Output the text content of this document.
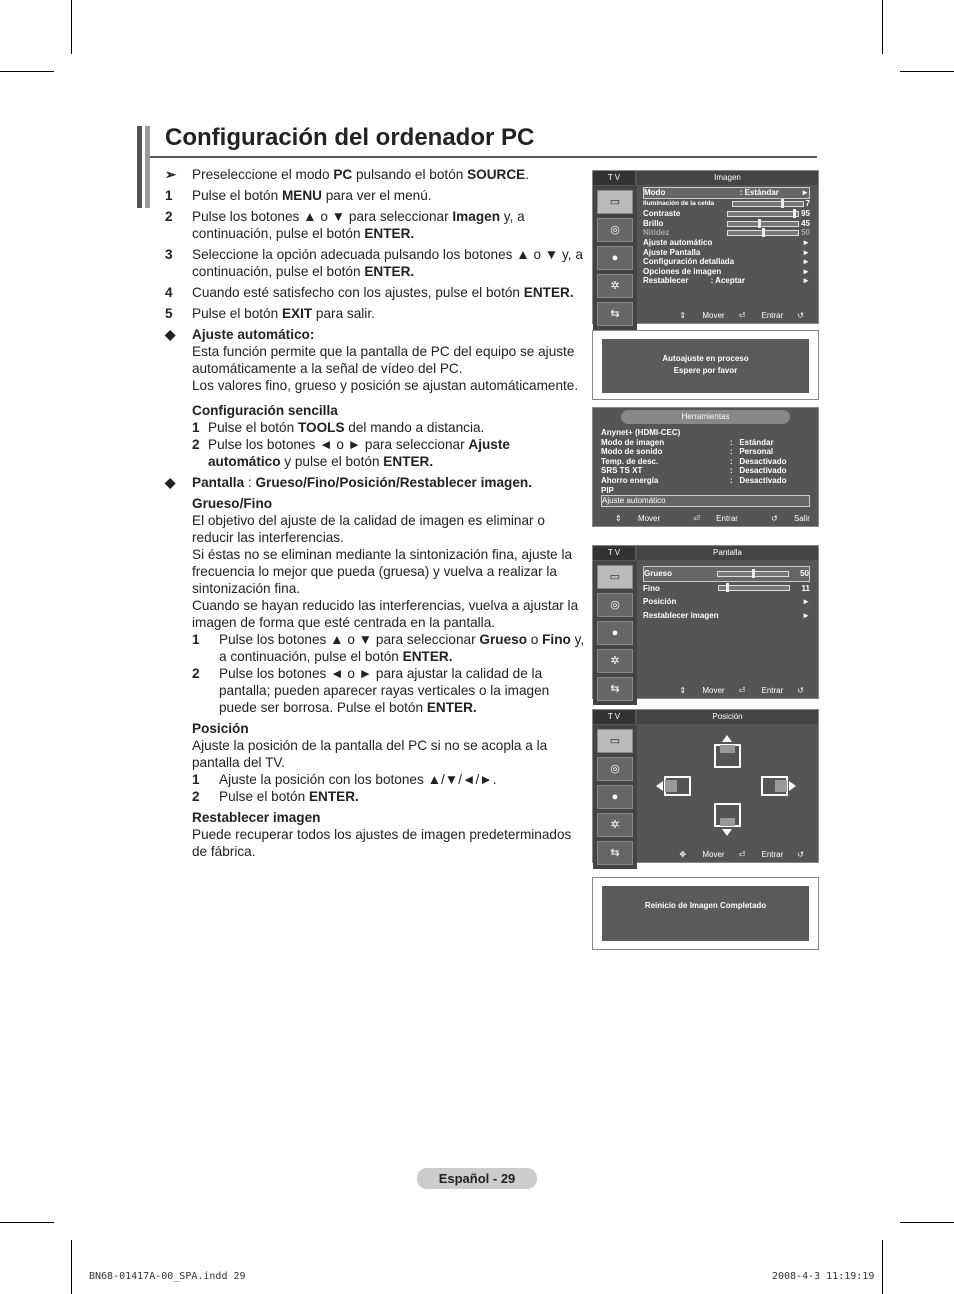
Configuración del ordenador PC
➢	Preseleccione el modo PC pulsando el botón SOURCE.
1	Pulse el botón MENU para ver el menú.
2	Pulse los botones ▲ o ▼ para seleccionar Imagen y, a continuación, pulse el botón ENTER.
3	Seleccione la opción adecuada pulsando los botones ▲ o ▼ y, a continuación, pulse el botón ENTER.
4	Cuando esté satisfecho con los ajustes, pulse el botón ENTER.
5	Pulse el botón EXIT para salir.
◆	Ajuste automático:
Esta función permite que la pantalla de PC del equipo se ajuste automáticamente a la señal de vídeo del PC.
Los valores fino, grueso y posición se ajustan automáticamente.
Configuración sencilla
1 Pulse el botón TOOLS del mando a distancia.
2 Pulse los botones ◄ o ► para seleccionar Ajuste automático y pulse el botón ENTER.
◆	Pantalla : Grueso/Fino/Posición/Restablecer imagen.
Grueso/Fino
El objetivo del ajuste de la calidad de imagen es eliminar o reducir las interferencias.
Si éstas no se eliminan mediante la sintonización fina, ajuste la frecuencia lo mejor que pueda (gruesa) y vuelva a realizar la sintonización fina.
Cuando se hayan reducido las interferencias, vuelva a ajustar la imagen de forma que esté centrada en la pantalla.
1	Pulse los botones ▲ o ▼ para seleccionar Grueso o Fino y, a continuación, pulse el botón ENTER.
2	Pulse los botones ◄ o ► para ajustar la calidad de la pantalla; pueden aparecer rayas verticales o la imagen puede ser borrosa. Pulse el botón ENTER.
Posición
Ajuste la posición de la pantalla del PC si no se acopla a la pantalla del TV.
1	Ajuste la posición con los botones ▲/▼/◄/►.
2	Pulse el botón ENTER.
Restablecer imagen
Puede recuperar todos los ajustes de imagen predeterminados de fábrica.
T V	Imagen
▭
◎
●
✲
⇆
Modo	: Estándar	►
Iluminación de la celda	7
Contraste	95
Brillo	45
Nitidez	50
Ajuste automático	►
Ajuste Pantalla	►
Configuración detallada	►
Opciones de imagen	►
Restablecer	: Aceptar	►
⇕ Mover ⏎ Entrar ↺
Autoajuste en proceso
Espere por favor
Herramientas
Anynet+ (HDMI-CEC)
Modo de imagen	:   Estándar
Modo de sonido	:   Personal
Temp. de desc.	:   Desactivado
SRS TS XT	:   Desactivado
Ahorro energía	:   Desactivado
PIP
Ajuste automático
⇕ Mover	⏎ Entrar	↺ Salir
T V	Pantalla
▭
◎
●
✲
⇆
Grueso	50
Fino	11
Posición	►
Restablecer imagen	►
⇕ Mover ⏎ Entrar ↺ Volver
T V	Posición
▭
◎
●
✲
⇆	✥ Mover ⏎ Entrar ↺ Volver
Reinicio de Imagen Completado
Español - 29
BN68-01417A-00_SPA.indd 29	2008-4-3 11:19:19
